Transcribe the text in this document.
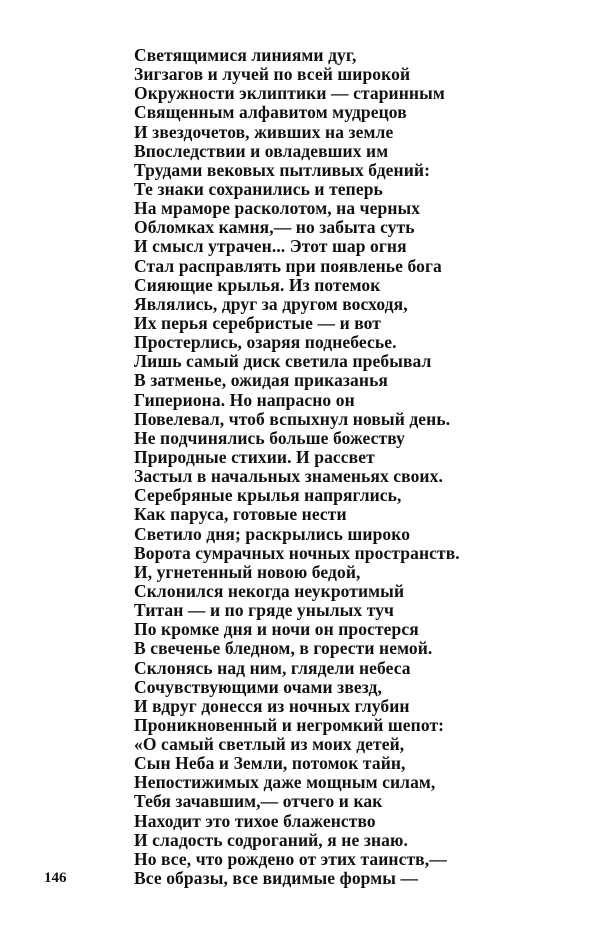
Светящимися линиями дуг,
Зигзагов и лучей по всей широкой
Окружности эклиптики — старинным
Священным алфавитом мудрецов
И звездочетов, живших на земле
Впоследствии и овладевших им
Трудами вековых пытливых бдений:
Те знаки сохранились и теперь
На мраморе расколотом, на черных
Обломках камня,— но забыта суть
И смысл утрачен... Этот шар огня
Стал расправлять при появленье бога
Сияющие крылья. Из потемок
Являлись, друг за другом восходя,
Их перья серебристые — и вот
Простерлись, озаряя поднебесье.
Лишь самый диск светила пребывал
В затменье, ожидая приказанья
Гипериона. Но напрасно он
Повелевал, чтоб вспыхнул новый день.
Не подчинялись больше божеству
Природные стихии. И рассвет
Застыл в начальных знаменьях своих.
Серебряные крылья напряглись,
Как паруса, готовые нести
Светило дня; раскрылись широко
Ворота сумрачных ночных пространств.
И, угнетенный новою бедой,
Склонился некогда неукротимый
Титан — и по гряде унылых туч
По кромке дня и ночи он простерся
В свеченье бледном, в горести немой.
Склонясь над ним, глядели небеса
Сочувствующими очами звезд,
И вдруг донесся из ночных глубин
Проникновенный и негромкий шепот:
«О самый светлый из моих детей,
Сын Неба и Земли, потомок тайн,
Непостижимых даже мощным силам,
Тебя зачавшим,— отчего и как
Находит это тихое блаженство
И сладость содроганий, я не знаю.
Но все, что рождено от этих таинств,—
Все образы, все видимые формы —
146
